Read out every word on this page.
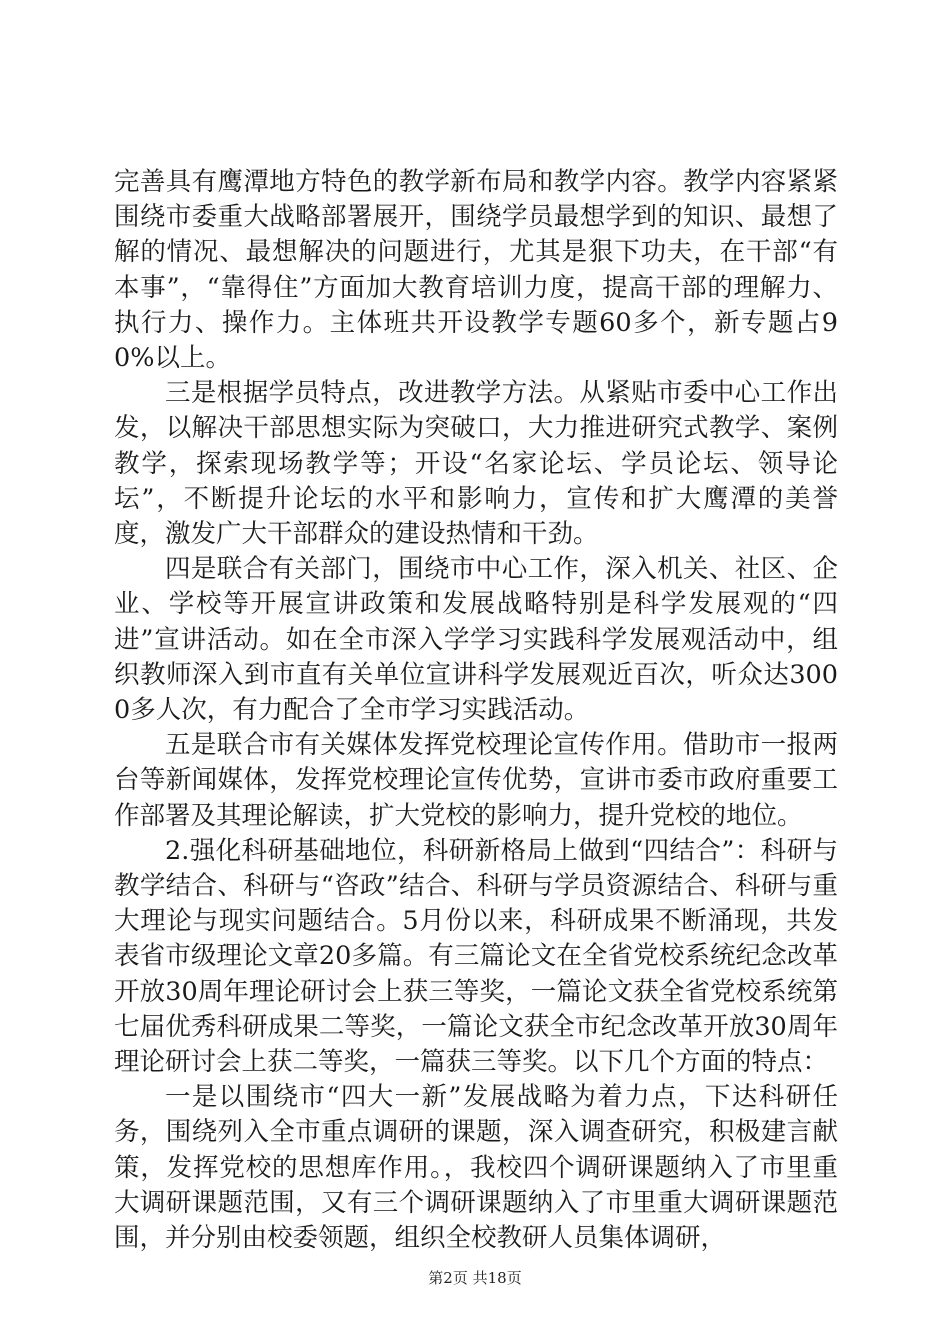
完善具有鹰潭地方特色的教学新布局和教学内容。教学内容紧紧围绕市委重大战略部署展开，围绕学员最想学到的知识、最想了解的情况、最想解决的问题进行，尤其是狠下功夫，在干部“有本事”，“靠得住”方面加大教育培训力度，提高干部的理解力、执行力、操作力。主体班共开设教学专题60多个，新专题占90%以上。

三是根据学员特点，改进教学方法。从紧贴市委中心工作出发，以解决干部思想实际为突破口，大力推进研究式教学、案例教学，探索现场教学等；开设“名家论坛、学员论坛、领导论坛”，不断提升论坛的水平和影响力，宣传和扩大鹰潭的美誉度，激发广大干部群众的建设热情和干劲。

四是联合有关部门，围绕市中心工作，深入机关、社区、企业、学校等开展宣讲政策和发展战略特别是科学发展观的“四进”宣讲活动。如在全市深入学学习实践科学发展观活动中，组织教师深入到市直有关单位宣讲科学发展观近百次，听众达3000多人次，有力配合了全市学习实践活动。

五是联合市有关媒体发挥党校理论宣传作用。借助市一报两台等新闻媒体，发挥党校理论宣传优势，宣讲市委市政府重要工作部署及其理论解读，扩大党校的影响力，提升党校的地位。

2.强化科研基础地位，科研新格局上做到“四结合”：科研与教学结合、科研与“咨政”结合、科研与学员资源结合、科研与重大理论与现实问题结合。5月份以来，科研成果不断涌现，共发表省市级理论文章20多篇。有三篇论文在全省党校系统纪念改革开放30周年理论研讨会上获三等奖，一篇论文获全省党校系统第七届优秀科研成果二等奖，一篇论文获全市纪念改革开放30周年理论研讨会上获二等奖，一篇获三等奖。以下几个方面的特点：

一是以围绕市“四大一新”发展战略为着力点，下达科研任务，围绕列入全市重点调研的课题，深入调查研究，积极建言献策，发挥党校的思想库作用。，我校四个调研课题纳入了市里重大调研课题范围，又有三个调研课题纳入了市里重大调研课题范围，并分别由校委领题，组织全校教研人员集体调研，

第2页 共18页
